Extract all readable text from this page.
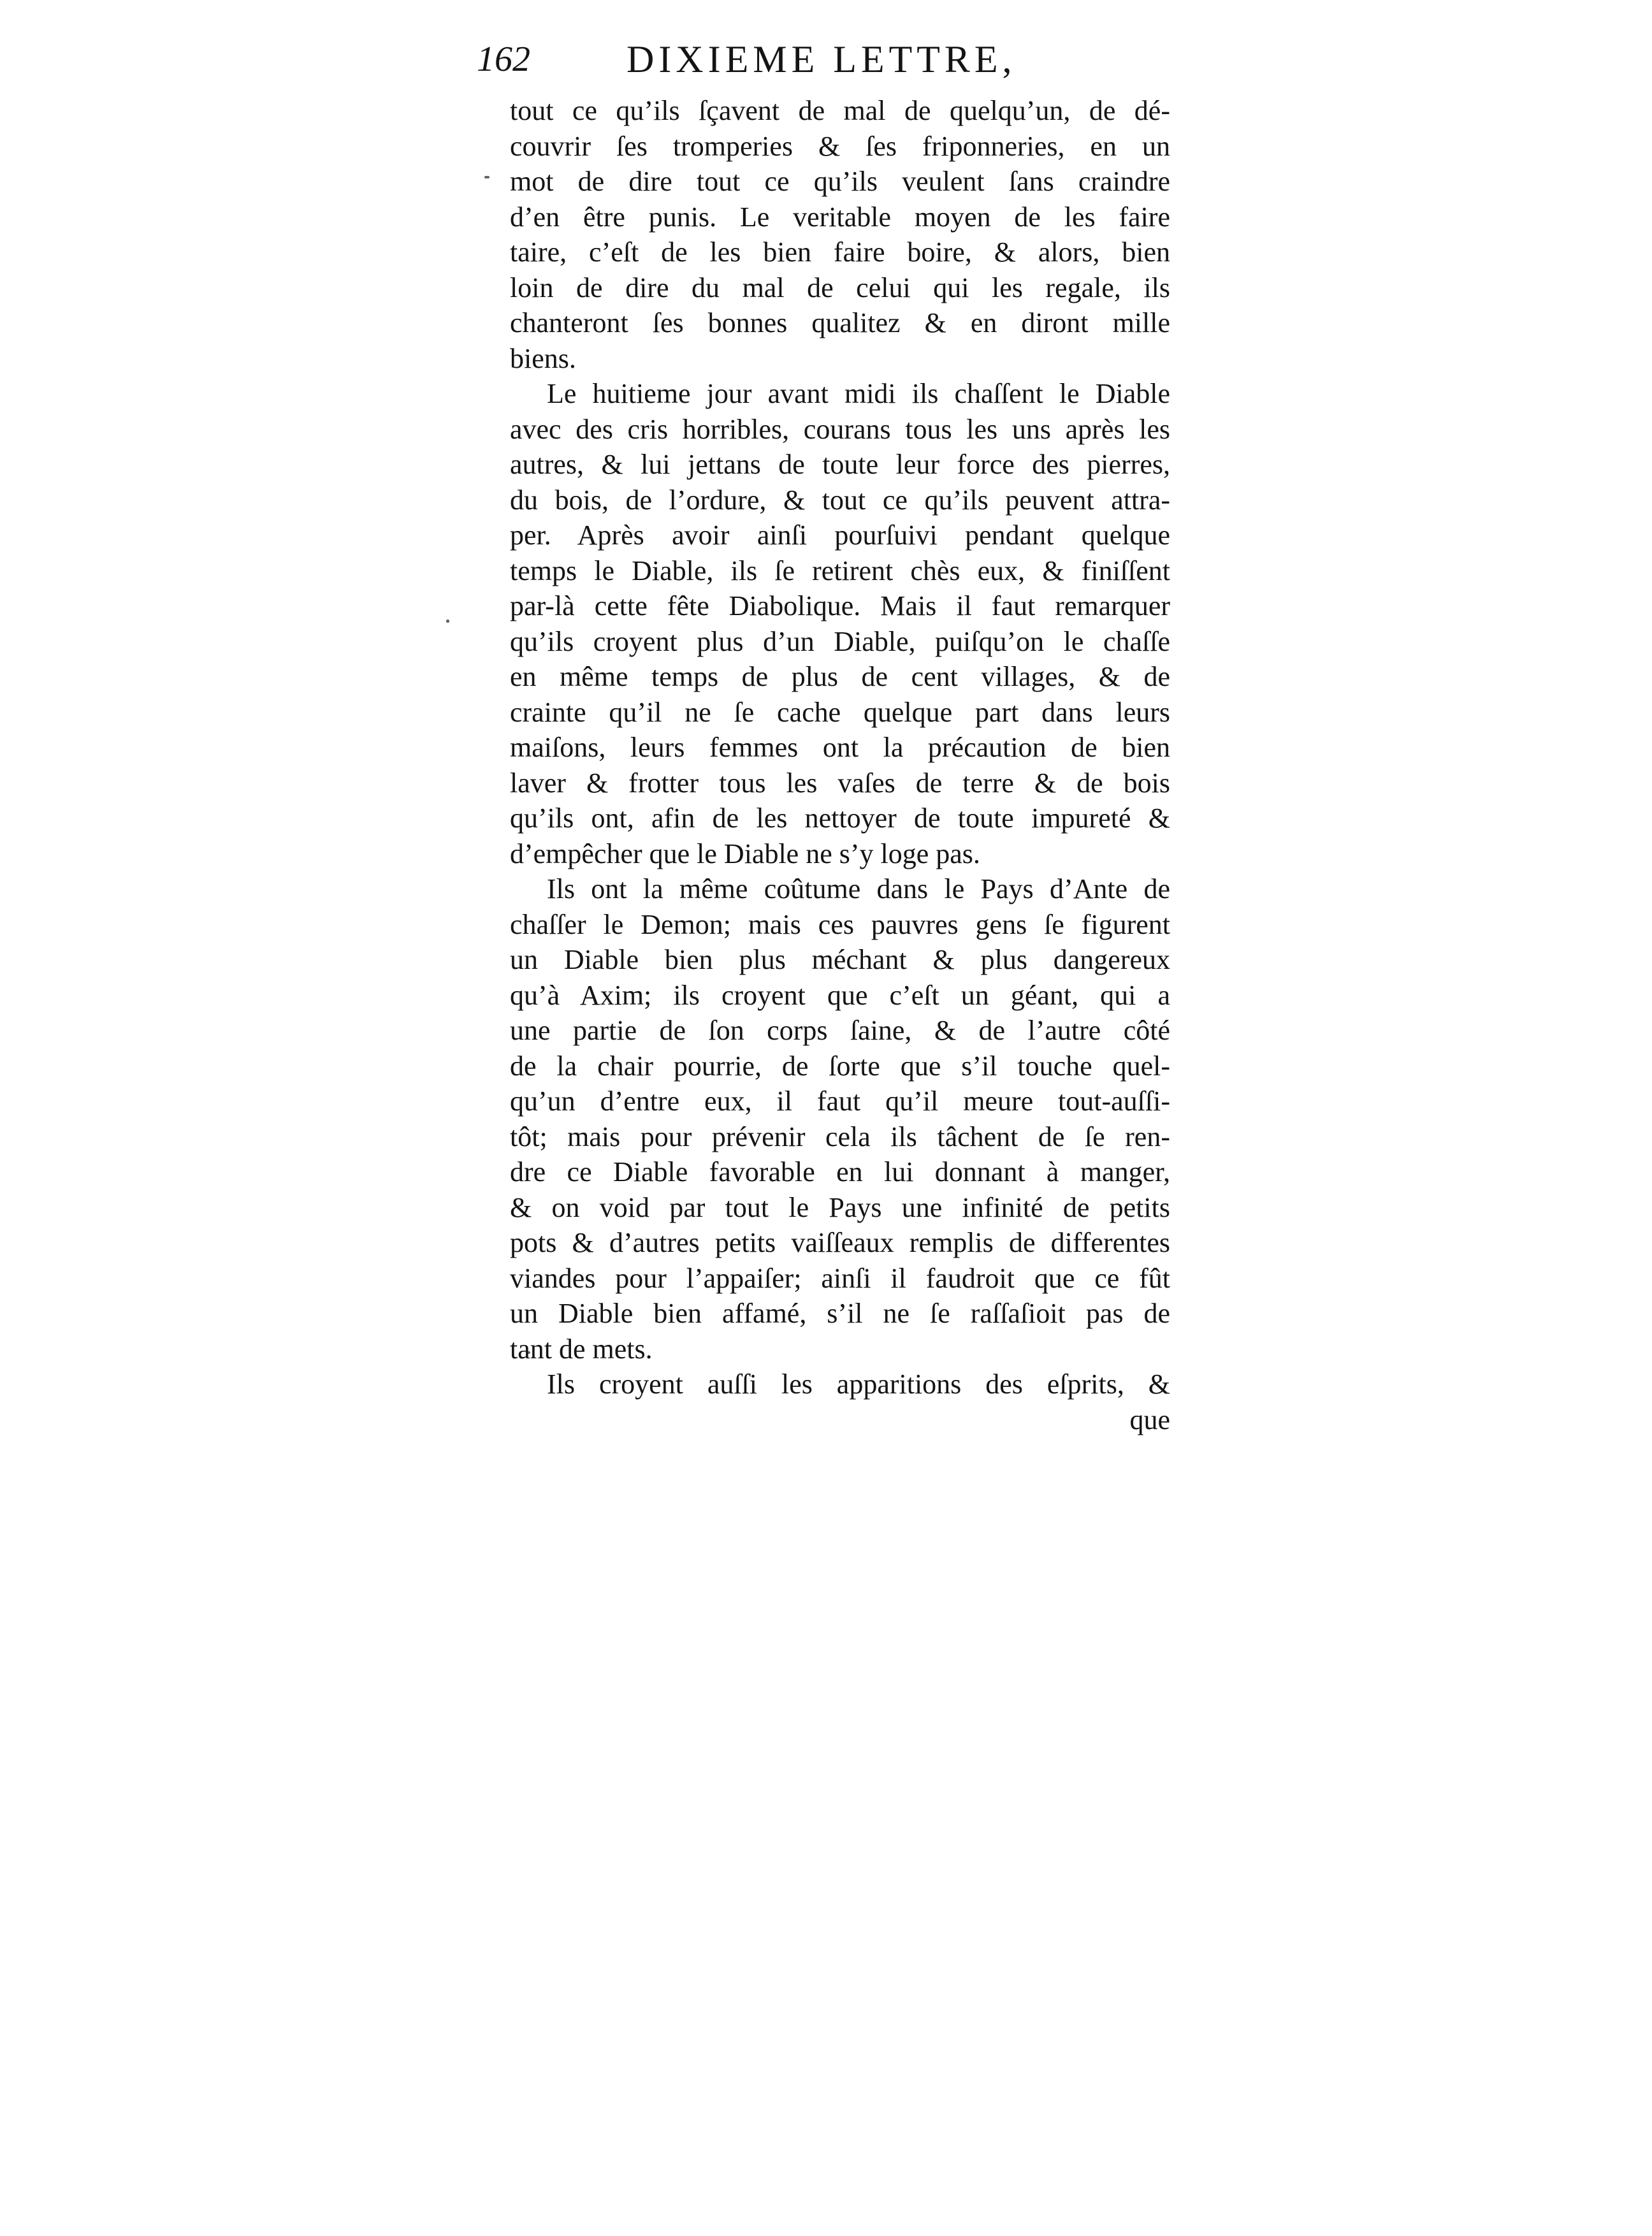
162	DIXIEME LETTRE,
tout ce qu’ils ſçavent de mal de quelqu’un, de dé-
couvrir ſes tromperies & ſes friponneries, en un
mot de dire tout ce qu’ils veulent ſans craindre
d’en être punis. Le veritable moyen de les faire
taire, c’eſt de les bien faire boire, & alors, bien
loin de dire du mal de celui qui les regale, ils
chanteront ſes bonnes qualitez & en diront mille
biens.
Le huitieme jour avant midi ils chaſſent le Diable
avec des cris horribles, courans tous les uns après les
autres, & lui jettans de toute leur force des pierres,
du bois, de l’ordure, & tout ce qu’ils peuvent attra-
per. Après avoir ainſi pourſuivi pendant quelque
temps le Diable, ils ſe retirent chès eux, & finiſſent
par-là cette fête Diabolique. Mais il faut remarquer
qu’ils croyent plus d’un Diable, puiſqu’on le chaſſe
en même temps de plus de cent villages, & de
crainte qu’il ne ſe cache quelque part dans leurs
maiſons, leurs femmes ont la précaution de bien
laver & frotter tous les vaſes de terre & de bois
qu’ils ont, afin de les nettoyer de toute impureté &
d’empêcher que le Diable ne s’y loge pas.
Ils ont la même coûtume dans le Pays d’Ante de
chaſſer le Demon; mais ces pauvres gens ſe figurent
un Diable bien plus méchant & plus dangereux
qu’à Axim; ils croyent que c’eſt un géant, qui a
une partie de ſon corps ſaine, & de l’autre côté
de la chair pourrie, de ſorte que s’il touche quel-
qu’un d’entre eux, il faut qu’il meure tout-auſſi-
tôt; mais pour prévenir cela ils tâchent de ſe ren-
dre ce Diable favorable en lui donnant à manger,
& on void par tout le Pays une infinité de petits
pots & d’autres petits vaiſſeaux remplis de differentes
viandes pour l’appaiſer; ainſi il faudroit que ce fût
un Diable bien affamé, s’il ne ſe raſſaſioit pas de
tant de mets.
Ils croyent auſſi les apparitions des eſprits, &
que
